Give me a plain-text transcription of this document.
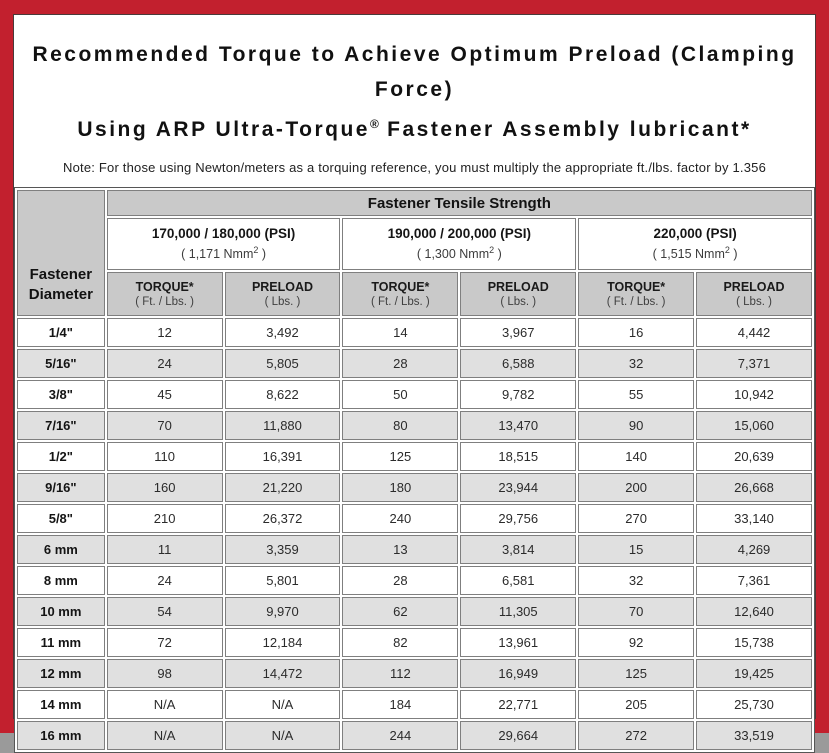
Recommended Torque to Achieve Optimum Preload (Clamping Force)
Using ARP Ultra-Torque® Fastener Assembly lubricant*

Note: For those using Newton/meters as a torquing reference, you must multiply the appropriate ft./lbs. factor by 1.356

Fastener Diameter	Fastener Tensile Strength					

	170,000 / 180,000 (PSI)
( 1,171 Nmm$^2$ )		190,000 / 200,000 (PSI)
( 1,300 Nmm$^2$ )		220,000 (PSI)
( 1,515 Nmm$^2$ )	

	TORQUE*
( Ft. / Lbs. )	PRELOAD
( Lbs. )	TORQUE*
( Ft. / Lbs. )	PRELOAD
( Lbs. )	TORQUE*
( Ft. / Lbs. )	PRELOAD
( Lbs. )

1/4"	12	3,492	14	3,967	16	4,442
5/16"	24	5,805	28	6,588	32	7,371
3/8"	45	8,622	50	9,782	55	10,942
7/16"	70	11,880	80	13,470	90	15,060
1/2"	110	16,391	125	18,515	140	20,639
9/16"	160	21,220	180	23,944	200	26,668
5/8"	210	26,372	240	29,756	270	33,140
6 mm	11	3,359	13	3,814	15	4,269
8 mm	24	5,801	28	6,581	32	7,361
10 mm	54	9,970	62	11,305	70	12,640
11 mm	72	12,184	82	13,961	92	15,738
12 mm	98	14,472	112	16,949	125	19,425
14 mm	N/A	N/A	184	22,771	205	25,730
16 mm	N/A	N/A	244	29,664	272	33,519
